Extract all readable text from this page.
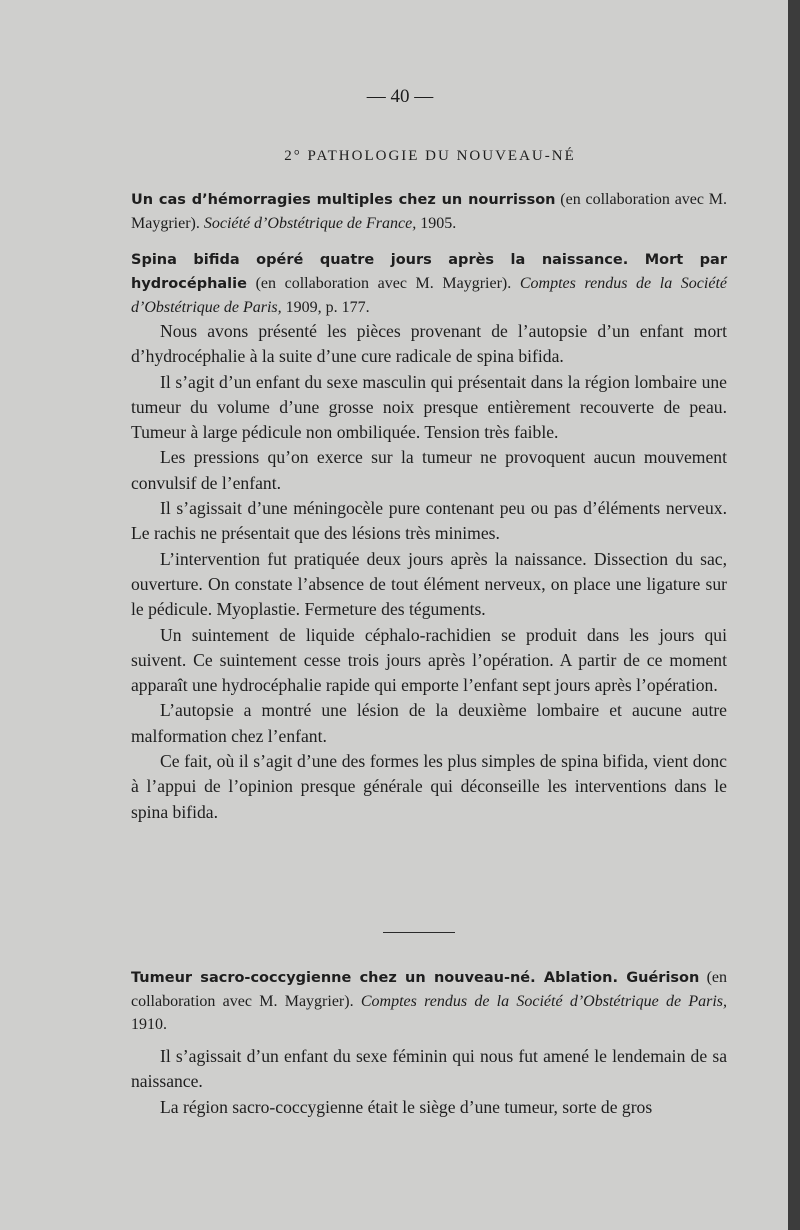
— 40 —
2° PATHOLOGIE DU NOUVEAU-NÉ
Un cas d’hémorragies multiples chez un nourrisson (en collaboration avec M. Maygrier). Société d’Obstétrique de France, 1905.
Spina bifida opéré quatre jours après la naissance. Mort par hydrocéphalie (en collaboration avec M. Maygrier). Comptes rendus de la Société d’Obstétrique de Paris, 1909, p. 177.

Nous avons présenté les pièces provenant de l’autopsie d’un enfant mort d’hydrocéphalie à la suite d’une cure radicale de spina bifida.

Il s’agit d’un enfant du sexe masculin qui présentait dans la région lombaire une tumeur du volume d’une grosse noix presque entièrement recouverte de peau. Tumeur à large pédicule non ombiliquée. Tension très faible.

Les pressions qu’on exerce sur la tumeur ne provoquent aucun mouvement convulsif de l’enfant.

Il s’agissait d’une méningocèle pure contenant peu ou pas d’éléments nerveux. Le rachis ne présentait que des lésions très minimes.

L’intervention fut pratiquée deux jours après la naissance. Dissection du sac, ouverture. On constate l’absence de tout élément nerveux, on place une ligature sur le pédicule. Myoplastie. Fermeture des téguments.

Un suintement de liquide céphalo-rachidien se produit dans les jours qui suivent. Ce suintement cesse trois jours après l’opération. A partir de ce moment apparaît une hydrocéphalie rapide qui emporte l’enfant sept jours après l’opération.

L’autopsie a montré une lésion de la deuxième lombaire et aucune autre malformation chez l’enfant.

Ce fait, où il s’agit d’une des formes les plus simples de spina bifida, vient donc à l’appui de l’opinion presque générale qui déconseille les interventions dans le spina bifida.

Tumeur sacro-coccygienne chez un nouveau-né. Ablation. Guérison (en collaboration avec M. Maygrier). Comptes rendus de la Société d’Obstétrique de Paris, 1910.

Il s’agissait d’un enfant du sexe féminin qui nous fut amené le lendemain de sa naissance.

La région sacro-coccygienne était le siège d’une tumeur, sorte de gros
